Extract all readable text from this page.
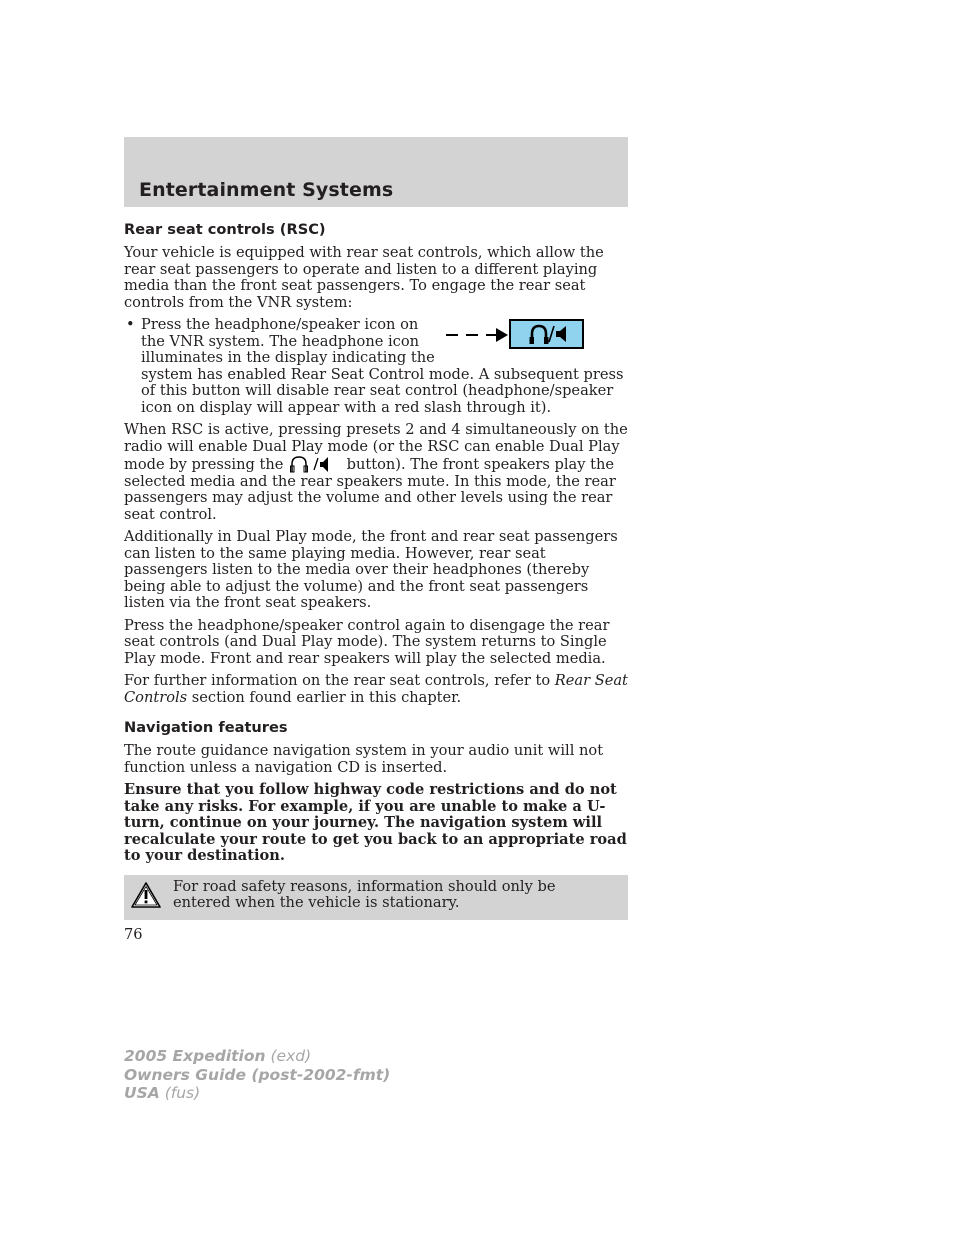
Entertainment Systems
Rear seat controls (RSC)

Your vehicle is equipped with rear seat controls, which allow the rear seat passengers to operate and listen to a different playing media than the front seat passengers. To engage the rear seat controls from the VNR system:

• Press the headphone/speaker icon on the VNR system. The headphone icon illuminates in the display indicating the system has enabled Rear Seat Control mode. A subsequent press of this button will disable rear seat control (headphone/speaker icon on display will appear with a red slash through it).

When RSC is active, pressing presets 2 and 4 simultaneously on the radio will enable Dual Play mode (or the RSC can enable Dual Play mode by pressing the	button). The front speakers play the selected media and the rear speakers mute. In this mode, the rear passengers may adjust the volume and other levels using the rear seat control.

Additionally in Dual Play mode, the front and rear seat passengers can listen to the same playing media. However, rear seat passengers listen to the media over their headphones (thereby being able to adjust the volume) and the front seat passengers listen via the front seat speakers.

Press the headphone/speaker control again to disengage the rear seat controls (and Dual Play mode). The system returns to Single Play mode. Front and rear speakers will play the selected media.

For further information on the rear seat controls, refer to Rear Seat Controls section found earlier in this chapter.

Navigation features

The route guidance navigation system in your audio unit will not function unless a navigation CD is inserted.

Ensure that you follow highway code restrictions and do not take any risks. For example, if you are unable to make a U-turn, continue on your journey. The navigation system will recalculate your route to get you back to an appropriate road to your destination.

For road safety reasons, information should only be entered when the vehicle is stationary.
76
2005 Expedition (exd)
Owners Guide (post-2002-fmt)
USA (fus)
